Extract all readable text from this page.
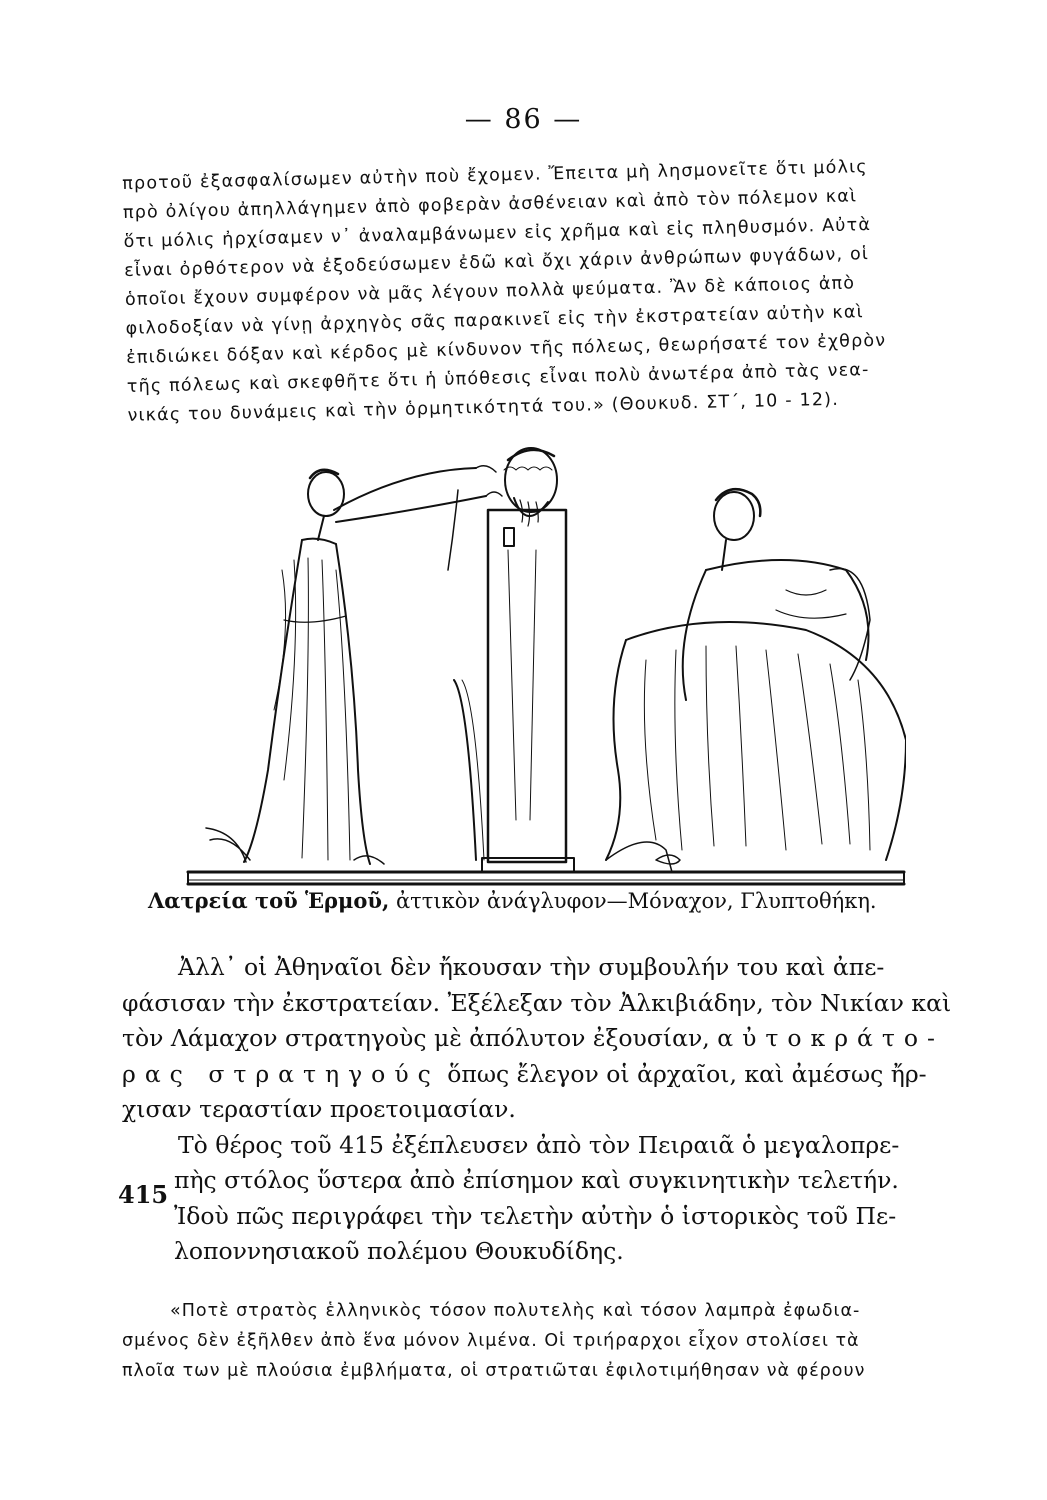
— 86 —
προτοῦ ἐξασφαλίσωμεν αὐτὴν ποὺ ἔχομεν. Ἔπειτα μὴ λησμονεῖτε ὅτι μόλις
πρὸ ὀλίγου ἀπηλλάγημεν ἀπὸ φοβερὰν ἀσθένειαν καὶ ἀπὸ τὸν πόλεμον καὶ
ὅτι μόλις ἠρχίσαμεν ν᾽ ἀναλαμβάνωμεν εἰς χρῆμα καὶ εἰς πληθυσμόν. Αὐτὰ
εἶναι ὀρθότερον νὰ ἐξοδεύσωμεν ἐδῶ καὶ ὄχι χάριν ἀνθρώπων φυγάδων, οἱ
ὁποῖοι ἔχουν συμφέρον νὰ μᾶς λέγουν πολλὰ ψεύματα. Ἂν δὲ κάποιος ἀπὸ
φιλοδοξίαν νὰ γίνῃ ἀρχηγὸς σᾶς παρακινεῖ εἰς τὴν ἐκστρατείαν αὐτὴν καὶ
ἐπιδιώκει δόξαν καὶ κέρδος μὲ κίνδυνον τῆς πόλεως, θεωρήσατέ τον ἐχθρὸν
τῆς πόλεως καὶ σκεφθῆτε ὅτι ἡ ὑπόθεσις εἶναι πολὺ ἀνωτέρα ἀπὸ τὰς νεα-
νικάς του δυνάμεις καὶ τὴν ὁρμητικότητά του.» (Θουκυδ. ΣΤ´, 10 - 12).
Λατρεία τοῦ Ἑρμοῦ, ἀττικὸν ἀνάγλυφον—Μόναχον, Γλυπτοθήκη.
Ἀλλ᾽ οἱ Ἀθηναῖοι δὲν ἤκουσαν τὴν συμβουλήν του καὶ ἀπε-
φάσισαν τὴν ἐκστρατείαν. Ἐξέλεξαν τὸν Ἀλκιβιάδην, τὸν Νικίαν καὶ
τὸν Λάμαχον στρατηγοὺς μὲ ἀπόλυτον ἐξουσίαν, αὐτοκράτο-
ρας στρατηγούς ὅπως ἔλεγον οἱ ἀρχαῖοι, καὶ ἀμέσως ἤρ-
χισαν τεραστίαν προετοιμασίαν.
Τὸ θέρος τοῦ 415 ἐξέπλευσεν ἀπὸ τὸν Πειραιᾶ ὁ μεγαλοπρε-
πὴς στόλος ὕστερα ἀπὸ ἐπίσημον καὶ συγκινητικὴν τελετήν.
Ἰδοὺ πῶς περιγράφει τὴν τελετὴν αὐτὴν ὁ ἱστορικὸς τοῦ Πε-
λοποννησιακοῦ πολέμου Θουκυδίδης.
415
«Ποτὲ στρατὸς ἑλληνικὸς τόσον πολυτελὴς καὶ τόσον λαμπρὰ ἐφωδια-
σμένος δὲν ἐξῆλθεν ἀπὸ ἕνα μόνον λιμένα. Οἱ τριήραρχοι εἶχον στολίσει τὰ
πλοῖα των μὲ πλούσια ἐμβλήματα, οἱ στρατιῶται ἐφιλοτιμήθησαν νὰ φέρουν
